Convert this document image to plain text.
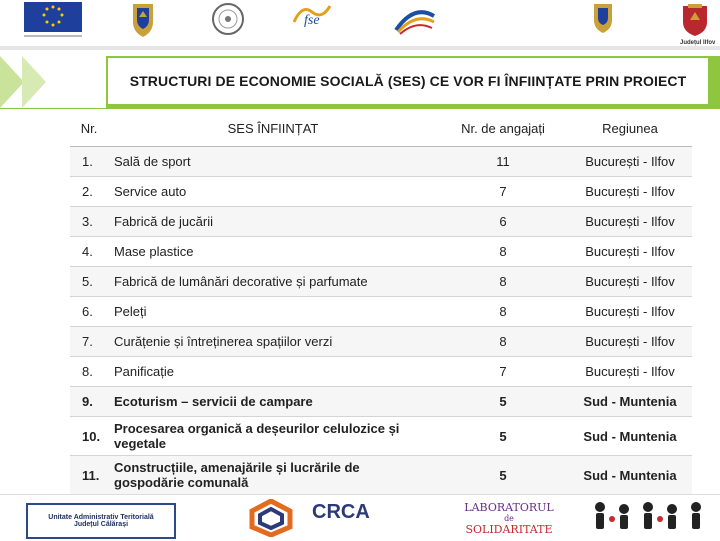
fse
Județul Ilfov
STRUCTURI DE ECONOMIE SOCIALĂ (SES) CE VOR FI ÎNFIINȚATE PRIN PROIECT
Nr.	SES ÎNFIINȚAT	Nr. de angajați	Regiunea
1.	Sală de sport	11	București - Ilfov
2.	Service auto	7	București - Ilfov
3.	Fabrică de jucării	6	București - Ilfov
4.	Mase plastice	8	București - Ilfov
5.	Fabrică de lumânări decorative și parfumate	8	București - Ilfov
6.	Peleți	8	București - Ilfov
7.	Curățenie și întreținerea spațiilor verzi	8	București - Ilfov
8.	Panificație	7	București - Ilfov
9.	Ecoturism – servicii de campare	5	Sud - Muntenia
10.	Procesarea organică a deșeurilor celulozice și vegetale	5	Sud - Muntenia
11.	Construcțiile, amenajările și lucrările de gospodărie comunală	5	Sud - Muntenia
Unitate Administrativ Teritorială
Județul Călărași
CRCA	LABORATORUL
de
SOLIDARITATE
